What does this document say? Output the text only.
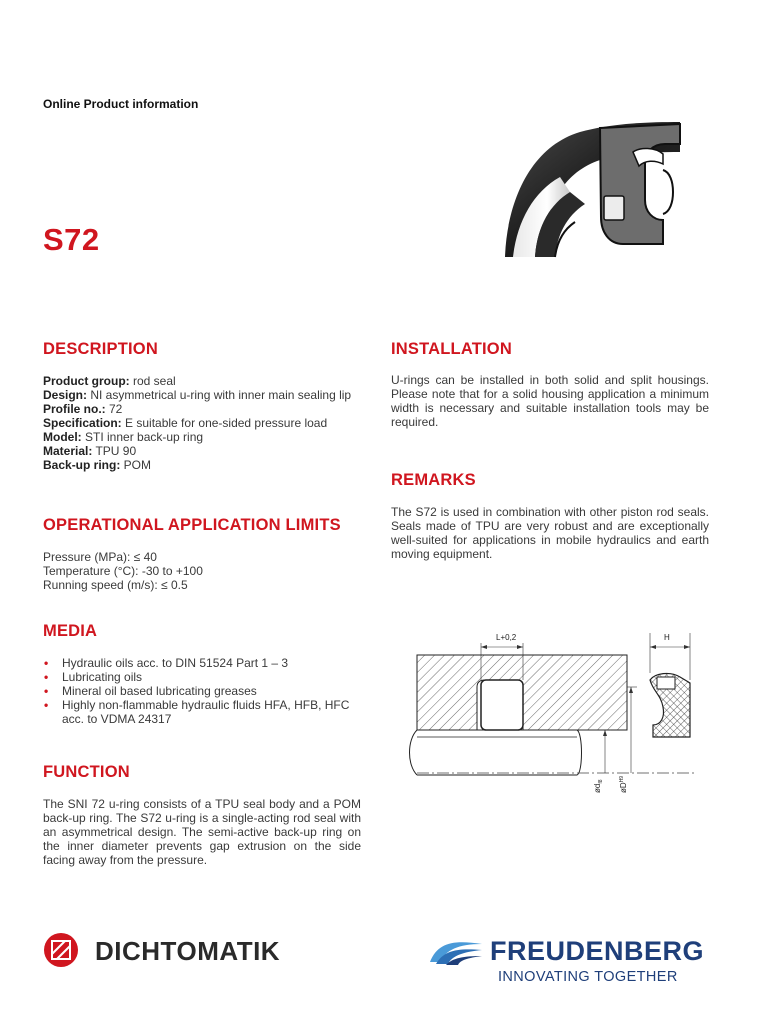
Online Product information
S72
DESCRIPTION
Product group: rod seal
Design: NI asymmetrical u-ring with inner main sealing lip
Profile no.: 72
Specification: E suitable for one-sided pressure load
Model: STI inner back-up ring
Material: TPU 90
Back-up ring: POM
OPERATIONAL APPLICATION LIMITS
Pressure (MPa): ≤ 40
Temperature (°C): -30 to +100
Running speed (m/s): ≤ 0.5
MEDIA
• Hydraulic oils acc. to DIN 51524 Part 1 – 3
• Lubricating oils
• Mineral oil based lubricating greases
• Highly non-flammable hydraulic fluids HFA, HFB, HFC acc. to VDMA 24317
FUNCTION
The SNI 72 u-ring consists of a TPU seal body and a POM back-up ring. The S72 u-ring is a single-acting rod seal with an asymmetrical design. The semi-active back-up ring on the inner diameter prevents gap extrusion on the side facing away from the pressure.
INSTALLATION
U-rings can be installed in both solid and split housings. Please note that for a solid housing application a minimum width is necessary and suitable installation tools may be required.
REMARKS
The S72 is used in combination with other piston rod seals. Seals made of TPU are very robust and are exceptionally well-suited for applications in mobile hydraulics and earth moving equipment.
L+0,2	H
$ød_{f8}$
$øD^{H9}$
DICHTOMATIK	FREUDENBERG
INNOVATING TOGETHER
